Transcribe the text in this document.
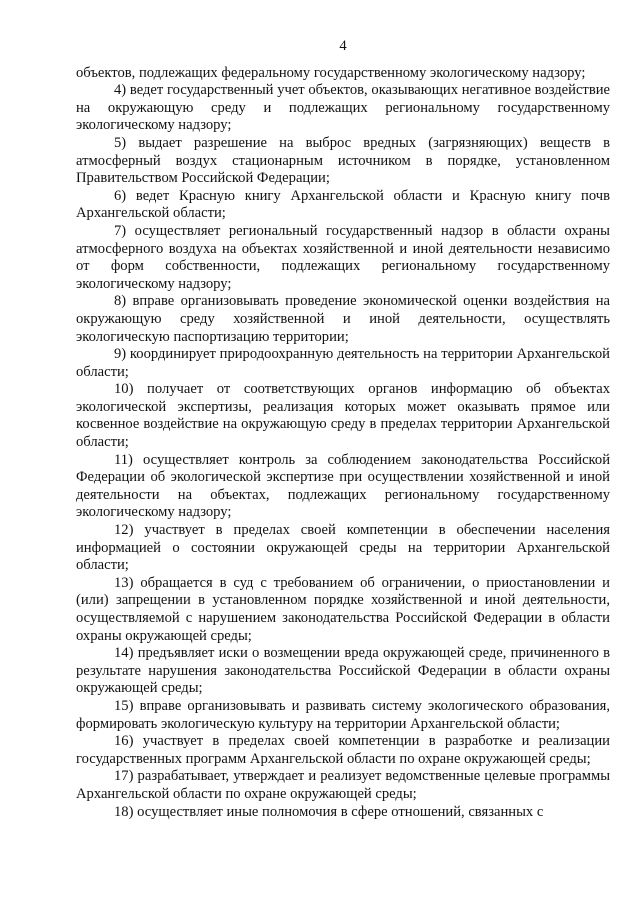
4

объектов, подлежащих федеральному государственному экологическому надзору;

4) ведет государственный учет объектов, оказывающих негативное воздействие на окружающую среду и подлежащих региональному государственному экологическому надзору;

5) выдает разрешение на выброс вредных (загрязняющих) веществ в атмосферный воздух стационарным источником в порядке, установленном Правительством Российской Федерации;

6) ведет Красную книгу Архангельской области и Красную книгу почв Архангельской области;

7) осуществляет региональный государственный надзор в области охраны атмосферного воздуха на объектах хозяйственной и иной деятельности независимо от форм собственности, подлежащих региональному государственному экологическому надзору;

8) вправе организовывать проведение экономической оценки воздействия на окружающую среду хозяйственной и иной деятельности, осуществлять экологическую паспортизацию территории;

9) координирует природоохранную деятельность на территории Архангельской области;

10) получает от соответствующих органов информацию об объектах экологической экспертизы, реализация которых может оказывать прямое или косвенное воздействие на окружающую среду в пределах территории Архангельской области;

11) осуществляет контроль за соблюдением законодательства Российской Федерации об экологической экспертизе при осуществлении хозяйственной и иной деятельности на объектах, подлежащих региональному государственному экологическому надзору;

12) участвует в пределах своей компетенции в обеспечении населения информацией о состоянии окружающей среды на территории Архангельской области;

13) обращается в суд с требованием об ограничении, о приостановлении и (или) запрещении в установленном порядке хозяйственной и иной деятельности, осуществляемой с нарушением законодательства Российской Федерации в области охраны окружающей среды;

14) предъявляет иски о возмещении вреда окружающей среде, причиненного в результате нарушения законодательства Российской Федерации в области охраны окружающей среды;

15) вправе организовывать и развивать систему экологического образования, формировать экологическую культуру на территории Архангельской области;

16) участвует в пределах своей компетенции в разработке и реализации государственных программ Архангельской области по охране окружающей среды;

17) разрабатывает, утверждает и реализует ведомственные целевые программы Архангельской области по охране окружающей среды;

18) осуществляет иные полномочия в сфере отношений, связанных с
